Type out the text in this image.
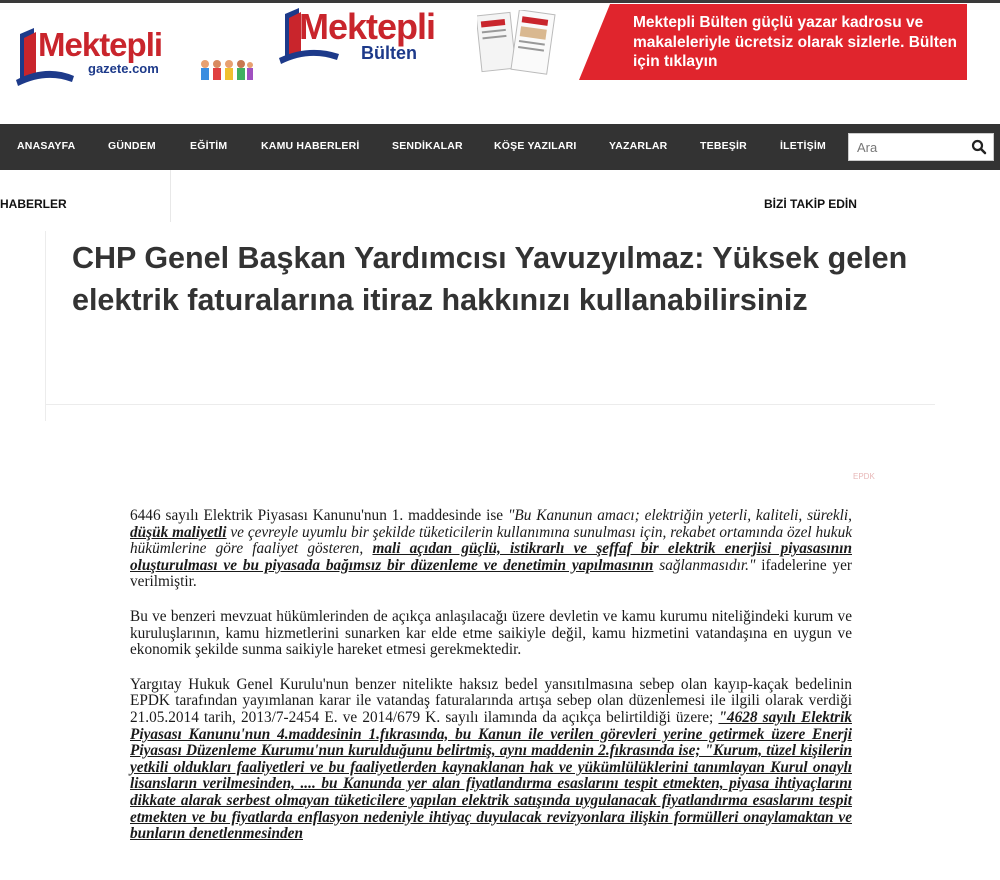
Mektepli
gazete.com
Mektepli
Bülten
Mektepli Bülten güçlü yazar kadrosu ve makaleleriyle ücretsiz olarak sizlerle. Bülten için tıklayın
ANASAYFA	GÜNDEM	EĞİTİM	KAMU HABERLERİ	SENDİKALAR	KÖŞE YAZILARI	YAZARLAR	TEBEŞİR	İLETİŞİM
Ara
HABERLER	BİZİ TAKİP EDİN
CHP Genel Başkan Yardımcısı Yavuzyılmaz: Yüksek gelen elektrik faturalarına itiraz hakkınızı kullanabilirsiniz
EPDK

6446 sayılı Elektrik Piyasası Kanunu'nun 1. maddesinde ise "Bu Kanunun amacı; elektriğin yeterli, kaliteli, sürekli, düşük maliyetli ve çevreyle uyumlu bir şekilde tüketicilerin kullanımına sunulması için, rekabet ortamında özel hukuk hükümlerine göre faaliyet gösteren, mali açıdan güçlü, istikrarlı ve şeffaf bir elektrik enerjisi piyasasının oluşturulması ve bu piyasada bağımsız bir düzenleme ve denetimin yapılmasının sağlanmasıdır." ifadelerine yer verilmiştir.

Bu ve benzeri mevzuat hükümlerinden de açıkça anlaşılacağı üzere devletin ve kamu kurumu niteliğindeki kurum ve kuruluşlarının, kamu hizmetlerini sunarken kar elde etme saikiyle değil, kamu hizmetini vatandaşına en uygun ve ekonomik şekilde sunma saikiyle hareket etmesi gerekmektedir.

Yargıtay Hukuk Genel Kurulu'nun benzer nitelikte haksız bedel yansıtılmasına sebep olan kayıp-kaçak bedelinin EPDK tarafından yayımlanan karar ile vatandaş faturalarında artışa sebep olan düzenlemesi ile ilgili olarak verdiği 21.05.2014 tarih, 2013/7-2454 E. ve 2014/679 K. sayılı ilamında da açıkça belirtildiği üzere; "4628 sayılı Elektrik Piyasası Kanunu'nun 4.maddesinin 1.fıkrasında, bu Kanun ile verilen görevleri yerine getirmek üzere Enerji Piyasası Düzenleme Kurumu'nun kurulduğunu belirtmiş, aynı maddenin 2.fıkrasında ise; "Kurum, tüzel kişilerin yetkili oldukları faaliyetleri ve bu faaliyetlerden kaynaklanan hak ve yükümlülüklerini tanımlayan Kurul onaylı lisansların verilmesinden, .... bu Kanunda yer alan fiyatlandırma esaslarını tespit etmekten, piyasa ihtiyaçlarını dikkate alarak serbest olmayan tüketicilere yapılan elektrik satışında uygulanacak fiyatlandırma esaslarını tespit etmekten ve bu fiyatlarda enflasyon nedeniyle ihtiyaç duyulacak revizyonlara ilişkin formülleri onaylamaktan ve bunların denetlenmesinden
